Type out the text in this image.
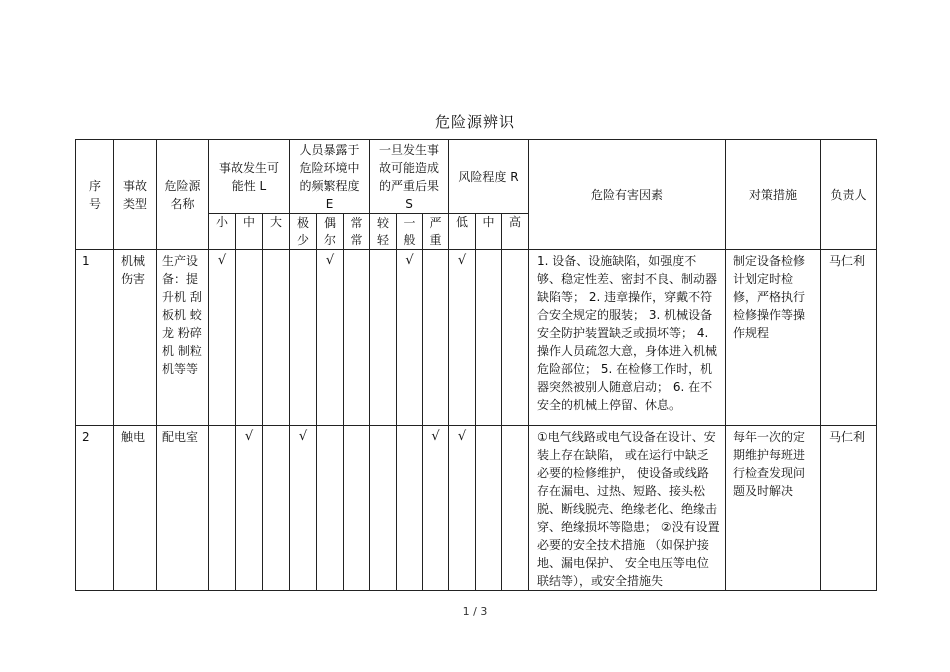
危险源辨识
序号	事故类型	危险源名称	事故发生可能性 L			人员暴露于危险环境中的频繁程度 E			一旦发生事故可能造成的严重后果 S			风险程度 R			危险有害因素	对策措施	负责人
			小	中	大	极少	偶尔	常常	较轻	一般	严重	低	中	高			
1	机械伤害	生产设备：提升机 刮板机 蛟龙 粉碎机 制粒机等等	√				√			√		√			1. 设备、设施缺陷，如强度不够、稳定性差、密封不良、制动器缺陷等； 2. 违章操作，穿戴不符合安全规定的服装； 3. 机械设备安全防护装置缺乏或损坏等； 4. 操作人员疏忽大意，身体进入机械危险部位； 5. 在检修工作时，机器突然被别人随意启动； 6. 在不安全的机械上停留、休息。	制定设备检修计划定时检修，严格执行检修操作等操作规程	马仁利
2	触电	配电室		√		√					√	√			①电气线路或电气设备在设计、安装上存在缺陷， 或在运行中缺乏必要的检修维护， 使设备或线路存在漏电、过热、短路、接头松脱、断线脱壳、绝缘老化、绝缘击穿、绝缘损坏等隐患； ②没有设置必要的安全技术措施 （如保护接地、漏电保护、 安全电压等电位联结等），或安全措施失	每年一次的定期维护每班进行检查发现问题及时解决	马仁利
1 / 3
